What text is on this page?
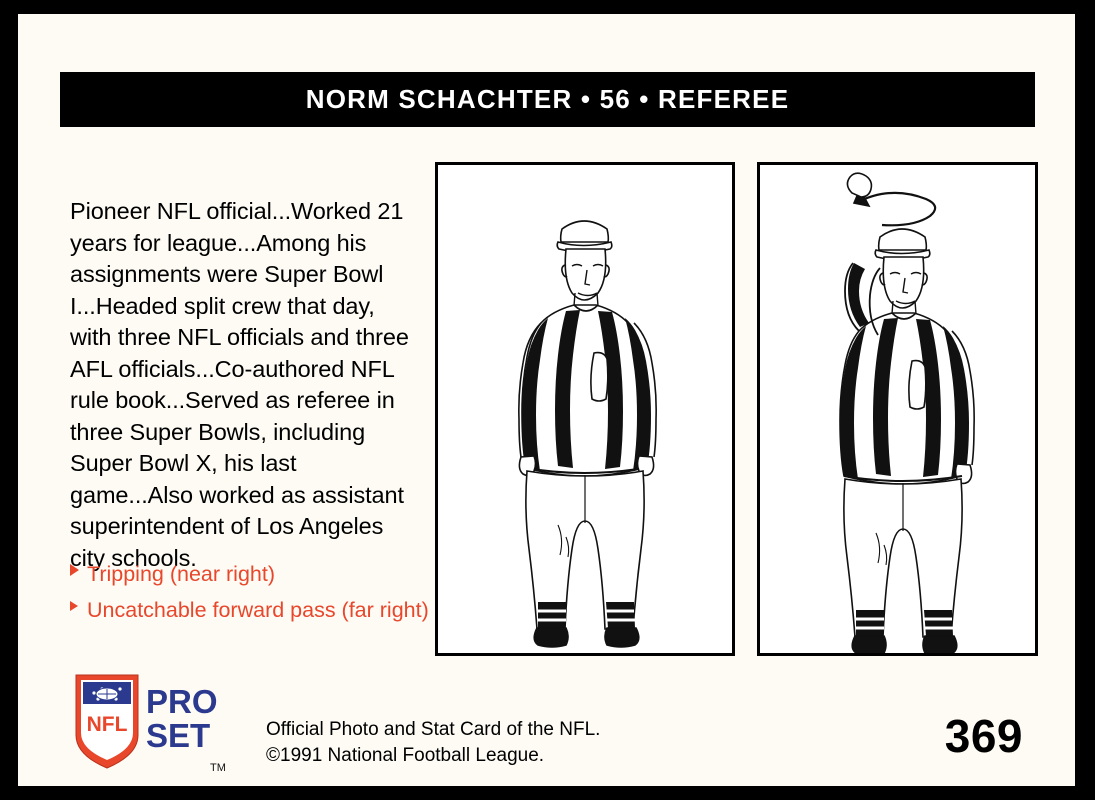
NORM SCHACHTER • 56 • REFEREE
Pioneer NFL official...Worked 21 years for league...Among his assignments were Super Bowl I...Headed split crew that day, with three NFL officials and three AFL officials...Co-authored NFL rule book...Served as referee in three Super Bowls, including Super Bowl X, his last game...Also worked as assistant superintendent of Los Angeles city schools.
Tripping (near right)
Uncatchable forward pass (far right)
NFL
PRO
SET
TM
Official Photo and Stat Card of the NFL.
©1991 National Football League.	369
